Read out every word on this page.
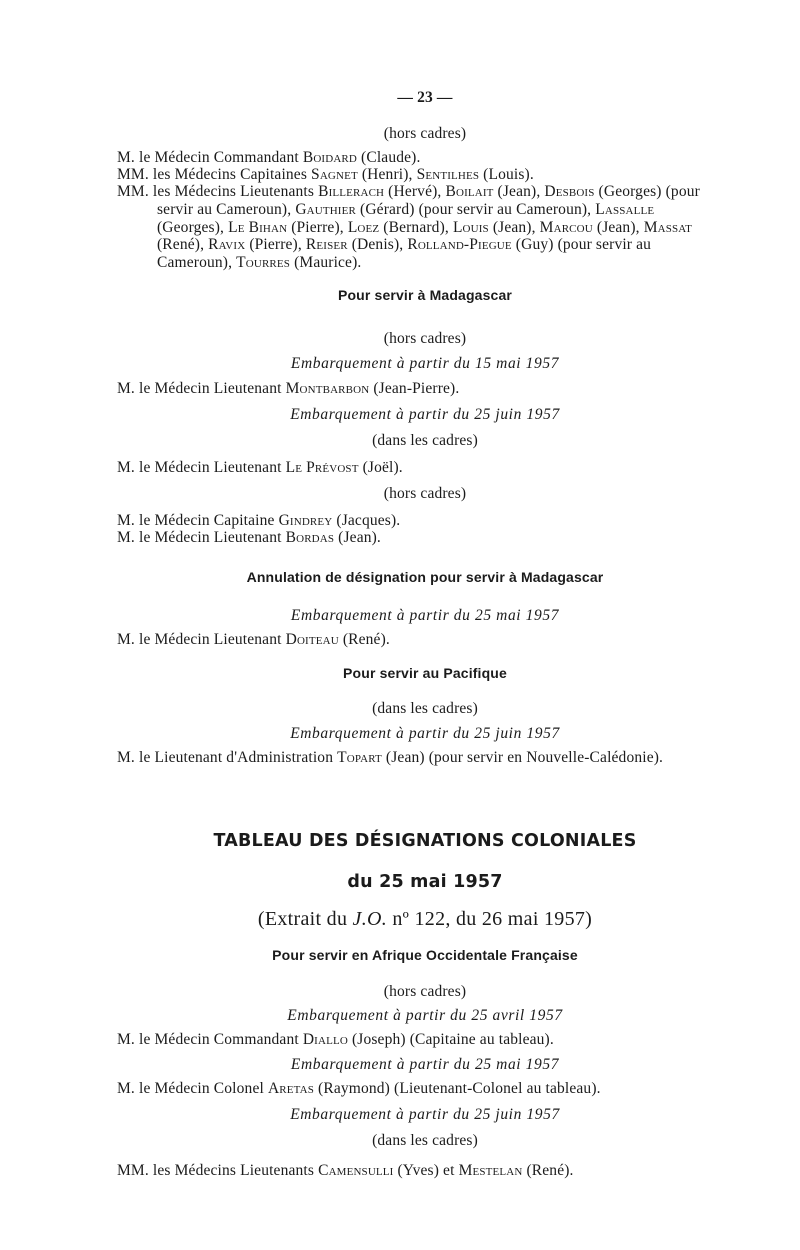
— 23 —
(hors cadres)
M. le Médecin Commandant Boidard (Claude).
MM. les Médecins Capitaines Sagnet (Henri), Sentilhes (Louis).
MM. les Médecins Lieutenants Billerach (Hervé), Boilait (Jean), Desbois (Georges) (pour
servir au Cameroun), Gauthier (Gérard) (pour servir au Cameroun), Lassalle
(Georges), Le Bihan (Pierre), Loez (Bernard), Louis (Jean), Marcou (Jean), Massat
(René), Ravix (Pierre), Reiser (Denis), Rolland-Piegue (Guy) (pour servir au
Cameroun), Tourres (Maurice).
Pour servir à Madagascar
(hors cadres)
Embarquement à partir du 15 mai 1957
M. le Médecin Lieutenant Montbarbon (Jean-Pierre).
Embarquement à partir du 25 juin 1957
(dans les cadres)
M. le Médecin Lieutenant Le Prévost (Joël).
(hors cadres)
M. le Médecin Capitaine Gindrey (Jacques).
M. le Médecin Lieutenant Bordas (Jean).
Annulation de désignation pour servir à Madagascar
Embarquement à partir du 25 mai 1957
M. le Médecin Lieutenant Doiteau (René).
Pour servir au Pacifique
(dans les cadres)
Embarquement à partir du 25 juin 1957
M. le Lieutenant d'Administration Topart (Jean) (pour servir en Nouvelle-Calédonie).
TABLEAU DES DÉSIGNATIONS COLONIALES
du 25 mai 1957
(Extrait du J.O. nº 122, du 26 mai 1957)
Pour servir en Afrique Occidentale Française
(hors cadres)
Embarquement à partir du 25 avril 1957
M. le Médecin Commandant Diallo (Joseph) (Capitaine au tableau).
Embarquement à partir du 25 mai 1957
M. le Médecin Colonel Aretas (Raymond) (Lieutenant-Colonel au tableau).
Embarquement à partir du 25 juin 1957
(dans les cadres)
MM. les Médecins Lieutenants Camensulli (Yves) et Mestelan (René).
